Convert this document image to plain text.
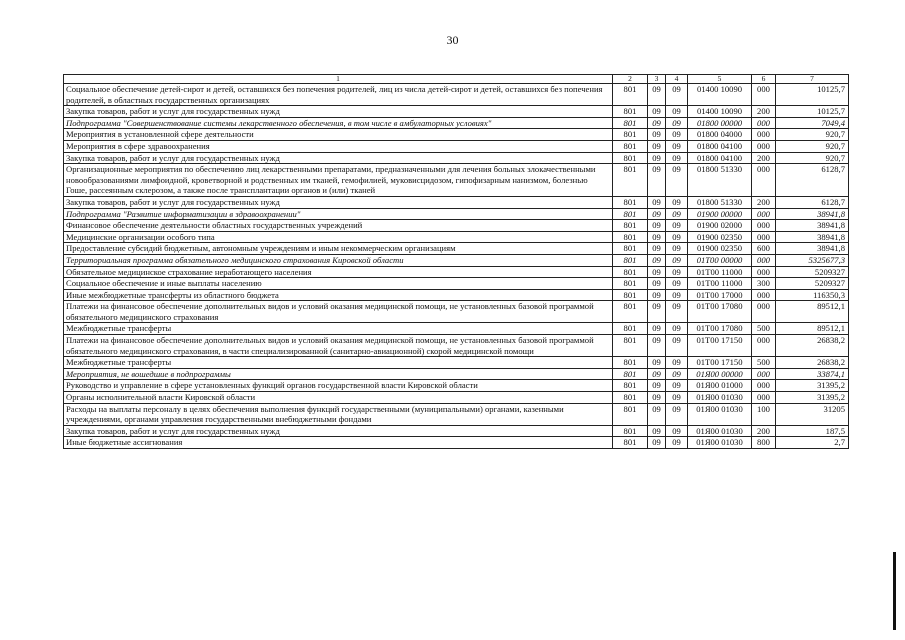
30
1	2	3	4	5	6	7
Социальное обеспечение детей-сирот и детей, оставшихся без попечения родителей, лиц из числа детей-сирот и детей, оставшихся без попечения родителей, в областных государственных организациях	801	09	09	01400 10090	000	10125,7
Закупка товаров, работ и услуг для государственных нужд	801	09	09	01400 10090	200	10125,7
Подпрограмма "Совершенствование системы лекарственного обеспечения, в том числе в амбулаторных условиях"	801	09	09	01800 00000	000	7049,4
Мероприятия в установленной сфере деятельности	801	09	09	01800 04000	000	920,7
Мероприятия в сфере здравоохранения	801	09	09	01800 04100	000	920,7
Закупка товаров, работ и услуг для государственных нужд	801	09	09	01800 04100	200	920,7
Организационные мероприятия по обеспечению лиц лекарственными препаратами, предназначенными для лечения больных злокачественными новообразованиями лимфоидной, кроветворной и родственных им тканей, гемофилией, муковисцидозом, гипофизарным нанизмом, болезнью Гоше, рассеянным склерозом, а также после трансплантации органов и (или) тканей	801	09	09	01800 51330	000	6128,7
Закупка товаров, работ и услуг для государственных нужд	801	09	09	01800 51330	200	6128,7
Подпрограмма "Развитие информатизации в здравоохранении"	801	09	09	01900 00000	000	38941,8
Финансовое обеспечение деятельности областных государственных учреждений	801	09	09	01900 02000	000	38941,8
Медицинские организации особого типа	801	09	09	01900 02350	000	38941,8
Предоставление субсидий бюджетным, автономным учреждениям и иным некоммерческим организациям	801	09	09	01900 02350	600	38941,8
Территориальная программа обязательного медицинского страхования Кировской области	801	09	09	01Т00 00000	000	5325677,3
Обязательное медицинское страхование неработающего населения	801	09	09	01Т00 11000	000	5209327
Социальное обеспечение и иные выплаты населению	801	09	09	01Т00 11000	300	5209327
Иные межбюджетные трансферты из областного бюджета	801	09	09	01Т00 17000	000	116350,3
Платежи на финансовое обеспечение дополнительных видов и условий оказания медицинской помощи, не установленных базовой программой обязательного медицинского страхования	801	09	09	01Т00 17080	000	89512,1
Межбюджетные трансферты	801	09	09	01Т00 17080	500	89512,1
Платежи на финансовое обеспечение дополнительных видов и условий оказания медицинской помощи, не установленных базовой программой обязательного медицинского страхования, в части специализированной (санитарно-авиационной) скорой медицинской помощи	801	09	09	01Т00 17150	000	26838,2
Межбюджетные трансферты	801	09	09	01Т00 17150	500	26838,2
Мероприятия, не вошедшие в подпрограммы	801	09	09	01Я00 00000	000	33874,1
Руководство и управление в сфере установленных функций органов государственной власти Кировской области	801	09	09	01Я00 01000	000	31395,2
Органы исполнительной власти Кировской области	801	09	09	01Я00 01030	000	31395,2
Расходы на выплаты персоналу в целях обеспечения выполнения функций государственными (муниципальными) органами, казенными учреждениями, органами управления государственными внебюджетными фондами	801	09	09	01Я00 01030	100	31205
Закупка товаров, работ и услуг для государственных нужд	801	09	09	01Я00 01030	200	187,5
Иные бюджетные ассигнования	801	09	09	01Я00 01030	800	2,7
